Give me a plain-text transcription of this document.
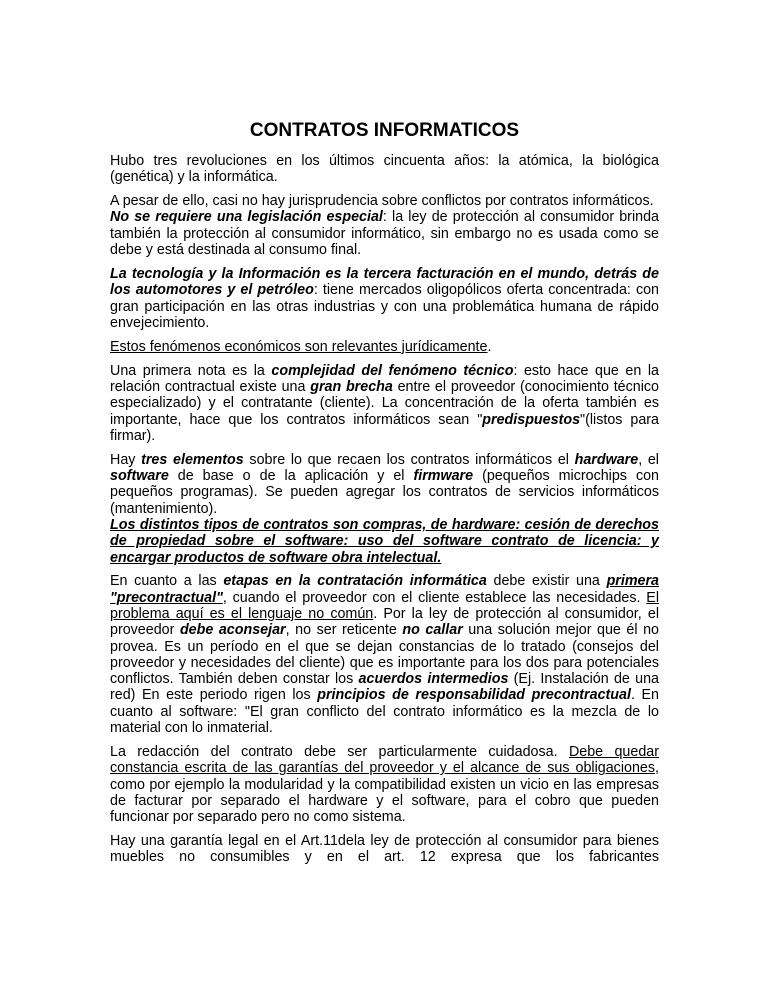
CONTRATOS INFORMATICOS

Hubo tres revoluciones en los últimos cincuenta años: la atómica, la biológica (genética) y la informática.

A pesar de ello, casi no hay jurisprudencia sobre conflictos por contratos informáticos.

No se requiere una legislación especial: la ley de protección al consumidor brinda también la protección al consumidor informático, sin embargo no es usada como se debe y está destinada al consumo final.

La tecnología y la Información es la tercera facturación en el mundo, detrás de los automotores y el petróleo: tiene mercados oligopólicos oferta concentrada: con gran participación en las otras industrias y con una problemática humana de rápido envejecimiento.

Estos fenómenos económicos son relevantes jurídicamente.

Una primera nota es la complejidad del fenómeno técnico: esto hace que en la relación contractual existe una gran brecha entre el proveedor (conocimiento técnico especializado) y el contratante (cliente). La concentración de la oferta también es importante, hace que los contratos informáticos sean "predispuestos"(listos para firmar).

Hay tres elementos sobre lo que recaen los contratos informáticos el hardware, el software de base o de la aplicación y el firmware (pequeños microchips con pequeños programas). Se pueden agregar los contratos de servicios informáticos (mantenimiento).

Los distintos tipos de contratos son compras, de hardware: cesión de derechos de propiedad sobre el software: uso del software contrato de licencia: y encargar productos de software obra intelectual.

En cuanto a las etapas en la contratación informática debe existir una primera "precontractual", cuando el proveedor con el cliente establece las necesidades. El problema aquí es el lenguaje no común. Por la ley de protección al consumidor, el proveedor debe aconsejar, no ser reticente no callar una solución mejor que él no provea. Es un período en el que se dejan constancias de lo tratado (consejos del proveedor y necesidades del cliente) que es importante para los dos para potenciales conflictos. También deben constar los acuerdos intermedios (Ej. Instalación de una red) En este periodo rigen los principios de responsabilidad precontractual. En cuanto al software: "El gran conflicto del contrato informático es la mezcla de lo material con lo inmaterial.

La redacción del contrato debe ser particularmente cuidadosa. Debe quedar constancia escrita de las garantías del proveedor y el alcance de sus obligaciones, como por ejemplo la modularidad y la compatibilidad existen un vicio en las empresas de facturar por separado el hardware y el software, para el cobro que pueden funcionar por separado pero no como sistema.

Hay una garantía legal en el Art.11dela ley de protección al consumidor para bienes muebles no consumibles y en el art. 12 expresa que los fabricantes
